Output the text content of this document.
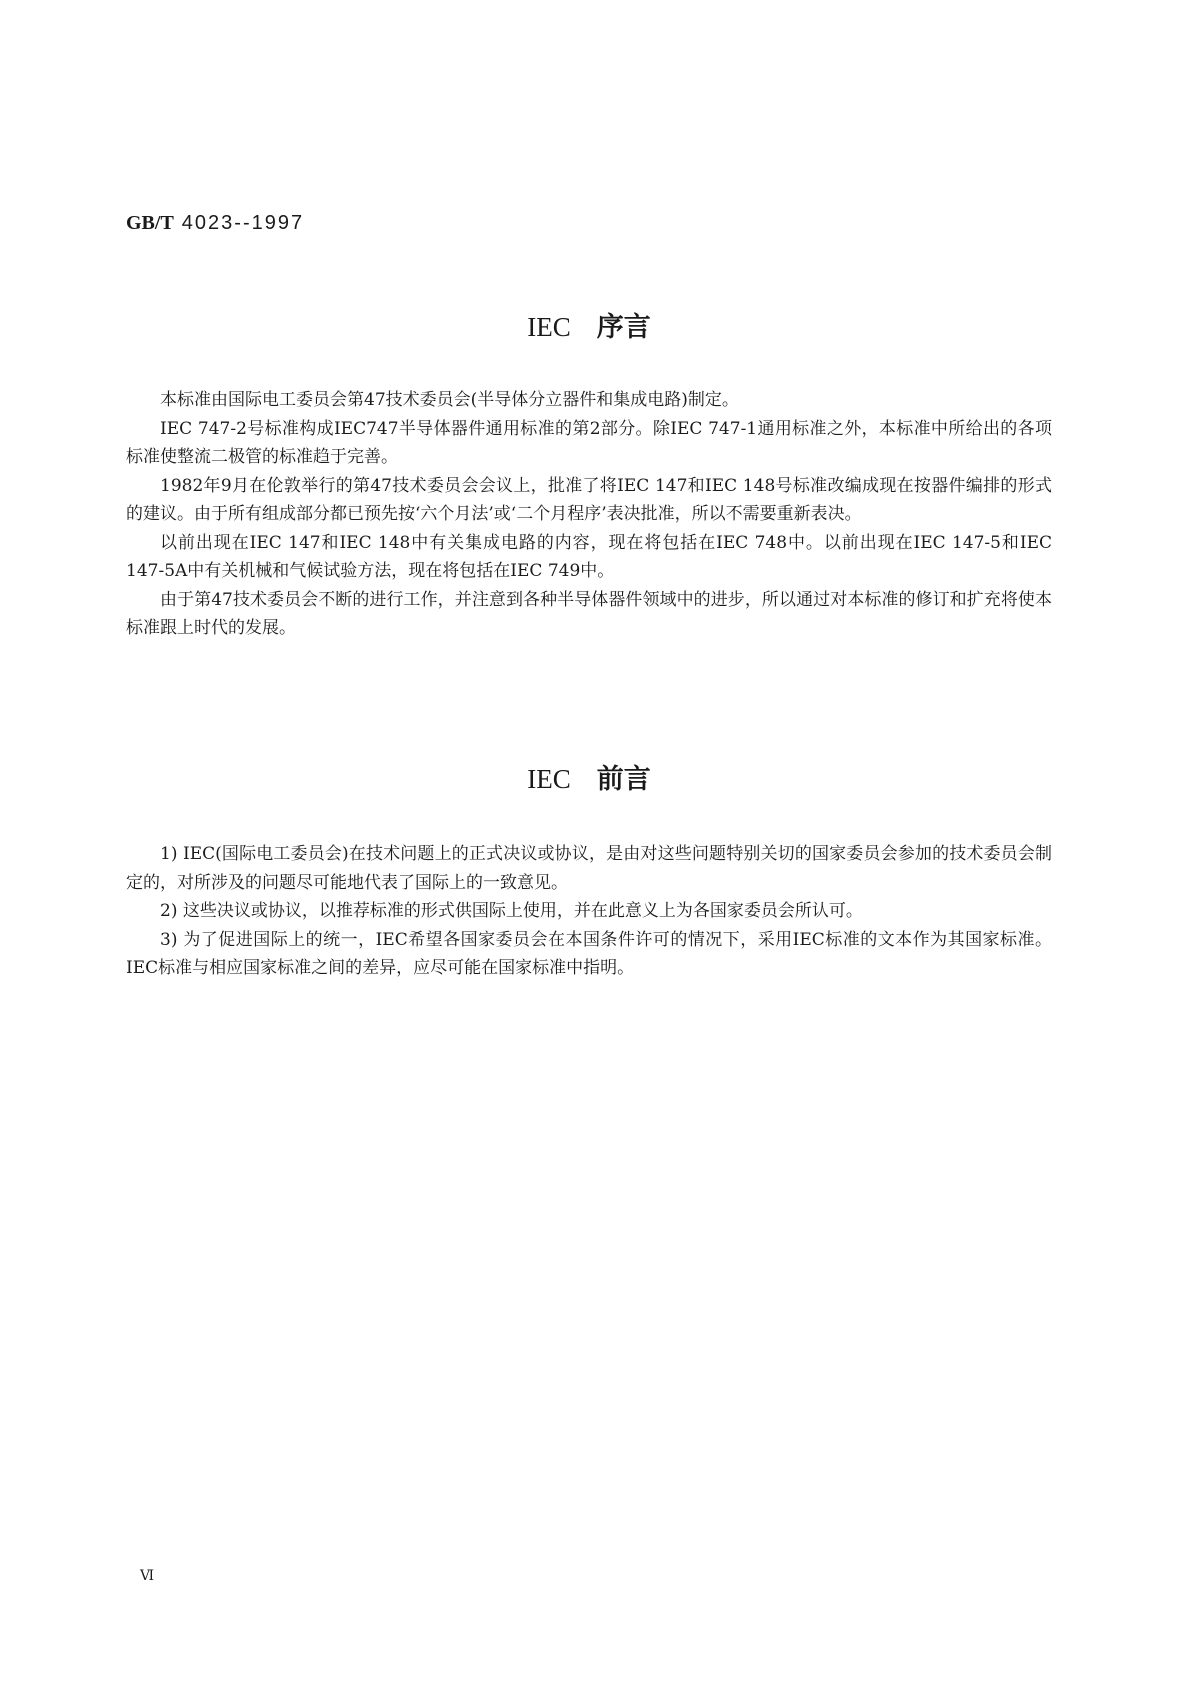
GB/T 4023--1997

IEC 序言

本标准由国际电工委员会第47技术委员会(半导体分立器件和集成电路)制定。

IEC 747-2号标准构成IEC747半导体器件通用标准的第2部分。除IEC 747-1通用标准之外，本标准中所给出的各项标准使整流二极管的标准趋于完善。

1982年9月在伦敦举行的第47技术委员会会议上，批准了将IEC 147和IEC 148号标准改编成现在按器件编排的形式的建议。由于所有组成部分都已预先按‘六个月法’或‘二个月程序’表决批准，所以不需要重新表决。

以前出现在IEC 147和IEC 148中有关集成电路的内容，现在将包括在IEC 748中。以前出现在IEC 147-5和IEC 147-5A中有关机械和气候试验方法，现在将包括在IEC 749中。

由于第47技术委员会不断的进行工作，并注意到各种半导体器件领域中的进步，所以通过对本标准的修订和扩充将使本标准跟上时代的发展。

IEC 前言

1) IEC(国际电工委员会)在技术问题上的正式决议或协议，是由对这些问题特别关切的国家委员会参加的技术委员会制定的，对所涉及的问题尽可能地代表了国际上的一致意见。

2) 这些决议或协议，以推荐标准的形式供国际上使用，并在此意义上为各国家委员会所认可。

3) 为了促进国际上的统一，IEC希望各国家委员会在本国条件许可的情况下，采用IEC标准的文本作为其国家标准。IEC标准与相应国家标准之间的差异，应尽可能在国家标准中指明。

Ⅵ
